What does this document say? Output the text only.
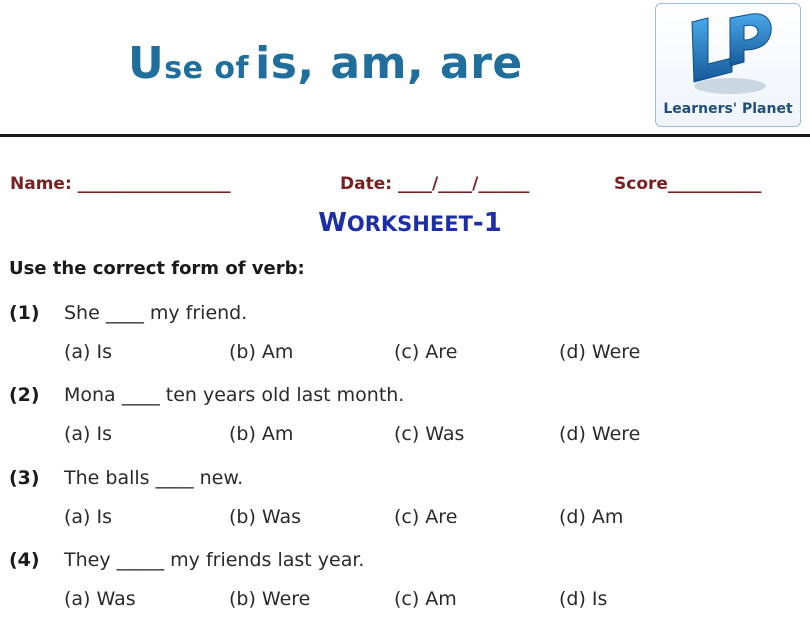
Use of is, am, are
Learners' Planet
Name: __________________	Date: ____/____/______	Score___________
WORKSHEET-1
Use the correct form of verb:
(1) She ____ my friend.
(a) Is	(b) Am	(c) Are	(d) Were
(2) Mona ____ ten years old last month.
(a) Is	(b) Am	(c) Was	(d) Were
(3) The balls ____ new.
(a) Is	(b) Was	(c) Are	(d) Am
(4) They _____ my friends last year.
(a) Was	(b) Were	(c) Am	(d) Is
